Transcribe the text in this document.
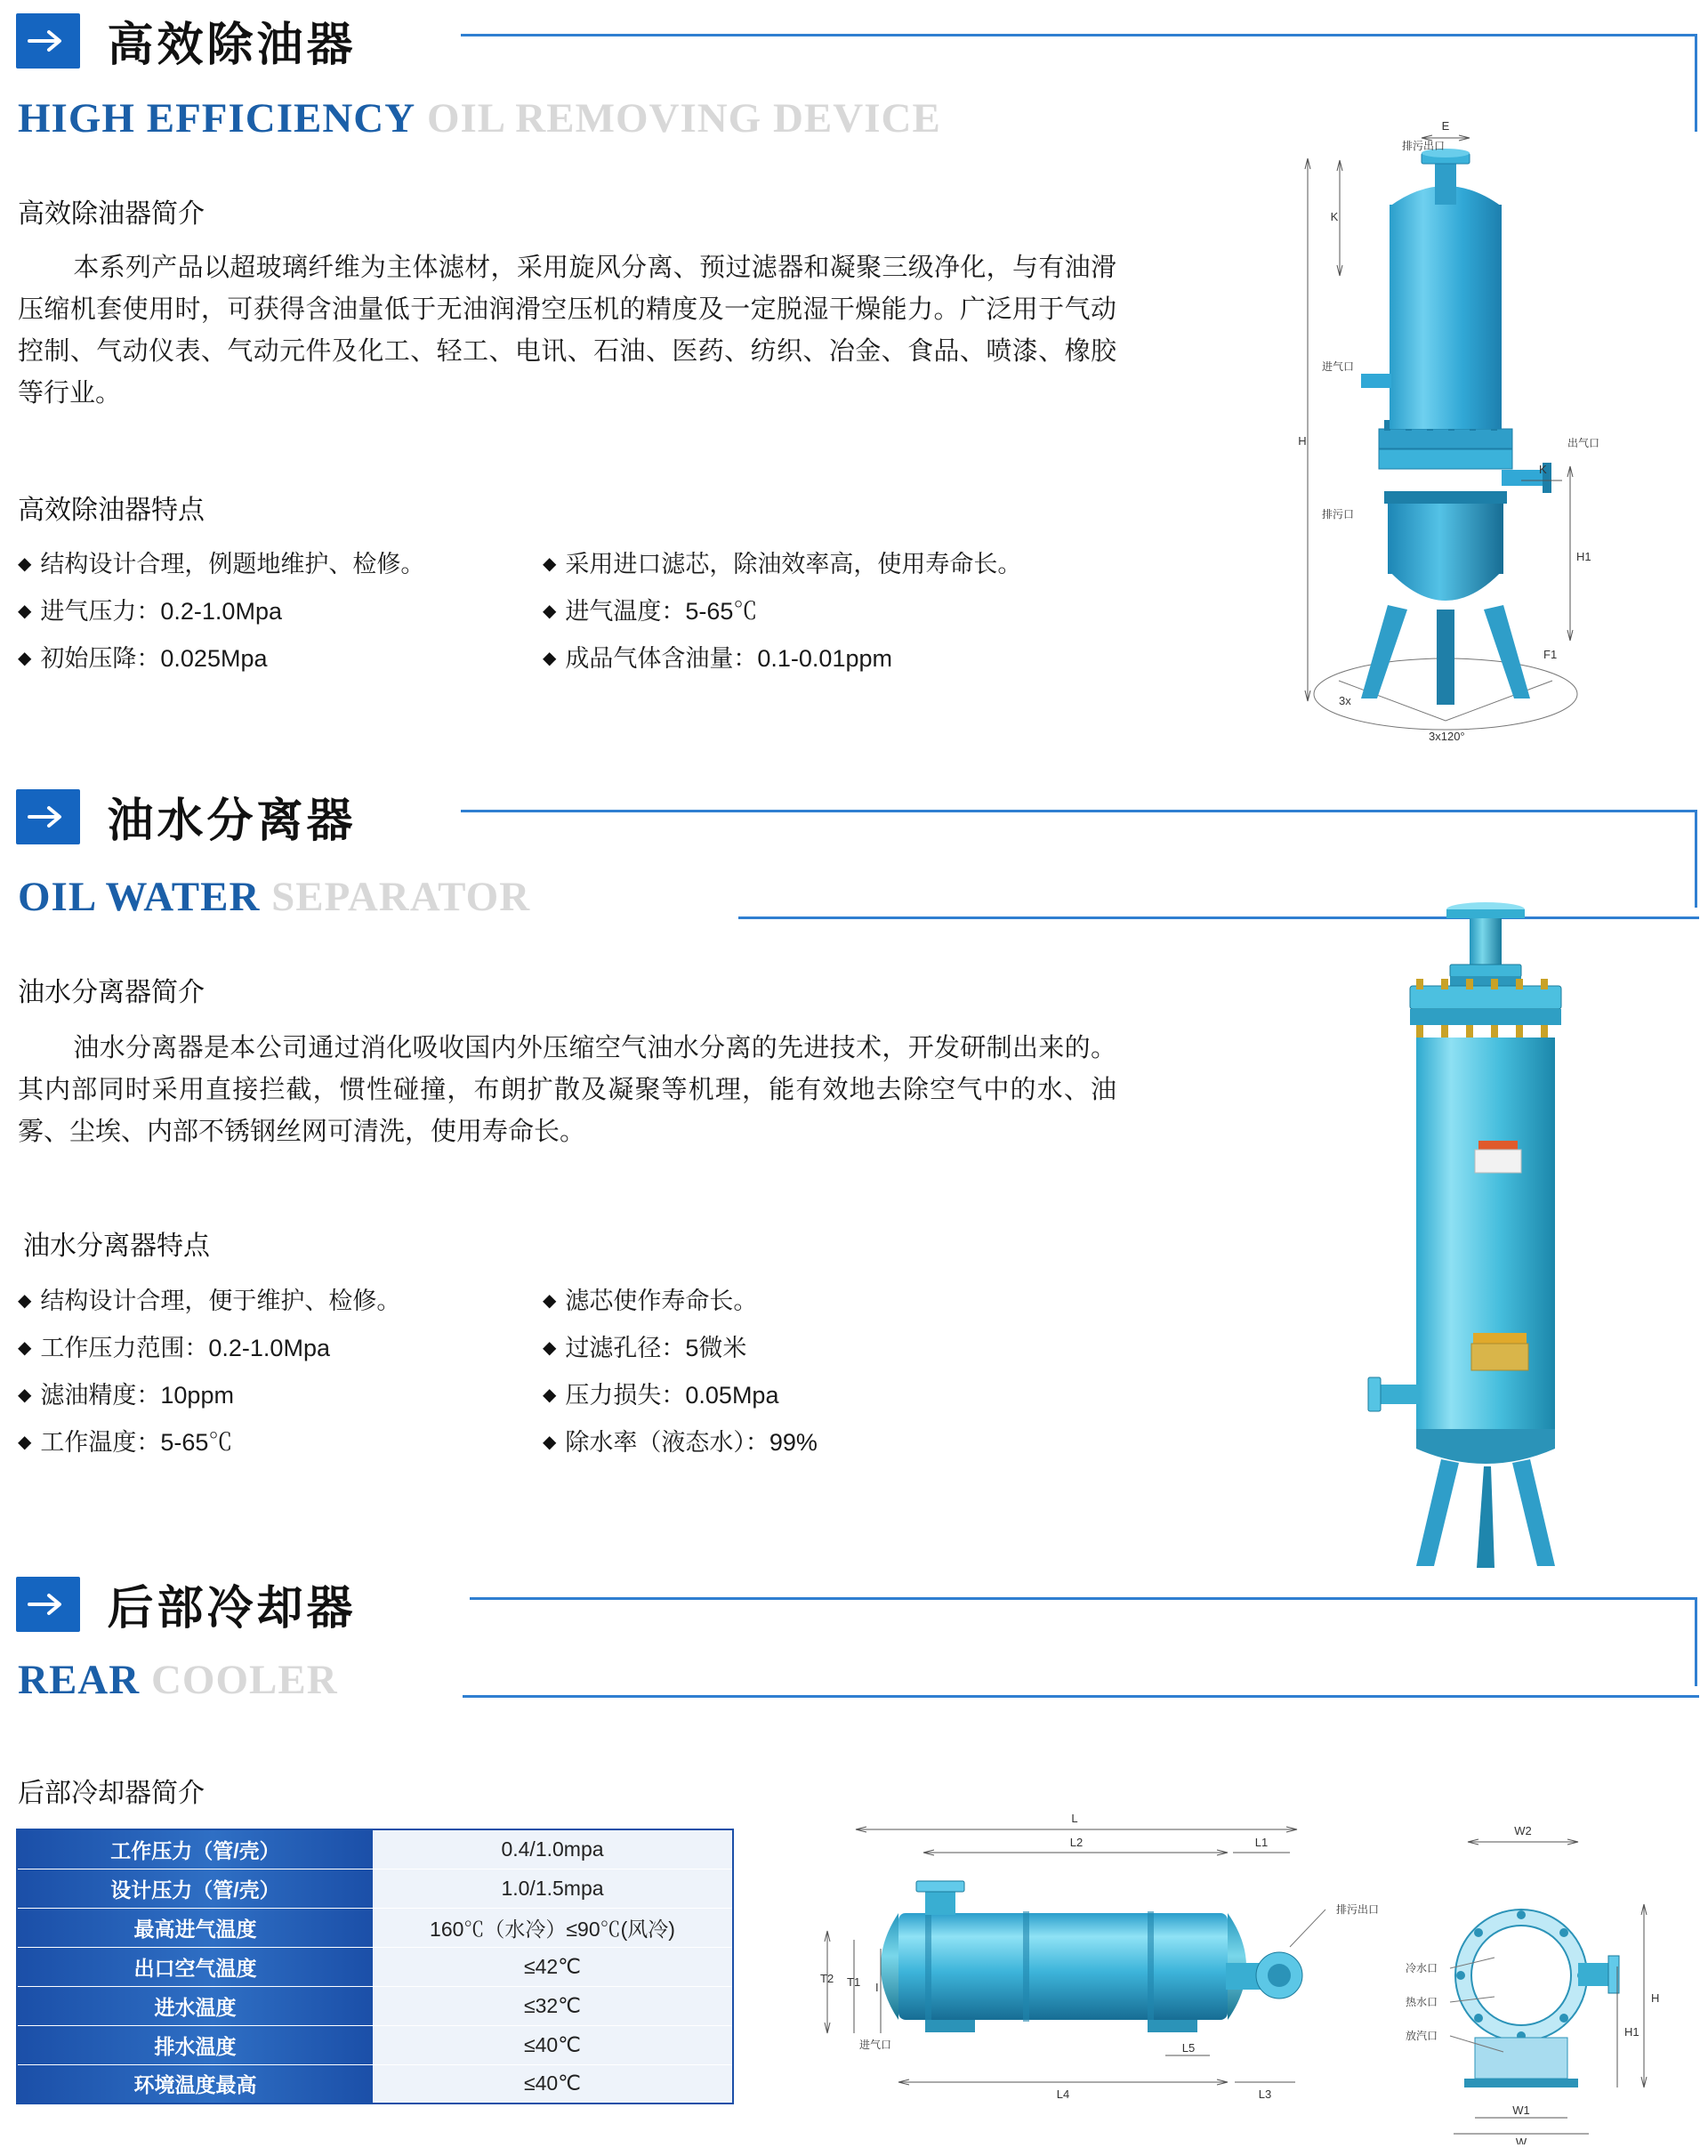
高效除油器
HIGH EFFICIENCY OIL REMOVING DEVICE
高效除油器简介
本系列产品以超玻璃纤维为主体滤材，采用旋风分离、预过滤器和凝聚三级净化，与有油滑压缩机套使用时，可获得含油量低于无油润滑空压机的精度及一定脱湿干燥能力。广泛用于气动控制、气动仪表、气动元件及化工、轻工、电讯、石油、医药、纺织、冶金、食品、喷漆、橡胶等行业。
高效除油器特点
◆ 结构设计合理，例题地维护、检修。	◆ 采用进口滤芯，除油效率高，使用寿命长。
◆ 进气压力：0.2-1.0Mpa	◆ 进气温度：5-65℃
◆ 初始压降：0.025Mpa	◆ 成品气体含油量：0.1-0.01ppm
H
K
E
H1
K
排污出口
进气口
出气口
排污口
F1
3x
3x120°
油水分离器
OIL WATER SEPARATOR
油水分离器简介
油水分离器是本公司通过消化吸收国内外压缩空气油水分离的先进技术，开发研制出来的。其内部同时采用直接拦截，惯性碰撞，布朗扩散及凝聚等机理，能有效地去除空气中的水、油雾、尘埃、内部不锈钢丝网可清洗，使用寿命长。
油水分离器特点
◆ 结构设计合理，便于维护、检修。	◆ 滤芯使作寿命长。
◆ 工作压力范围：0.2-1.0Mpa	◆ 过滤孔径：5微米
◆ 滤油精度：10ppm	◆ 压力损失：0.05Mpa
◆ 工作温度：5-65℃	◆ 除水率（液态水）：99%
后部冷却器
REAR COOLER
后部冷却器简介
工作压力（管/壳）	0.4/1.0mpa
设计压力（管/壳）	1.0/1.5mpa
最高进气温度	160℃（水冷）≤90℃(风冷)
出口空气温度	≤42℃
进水温度	≤32℃
排水温度	≤40℃
环境温度最高	≤40℃
L
L2	L1
T2 T1 I
L4	L3
L5
进气口
排污出口
W2
H
H1
W1
W
冷水口
热水口
放汽口
